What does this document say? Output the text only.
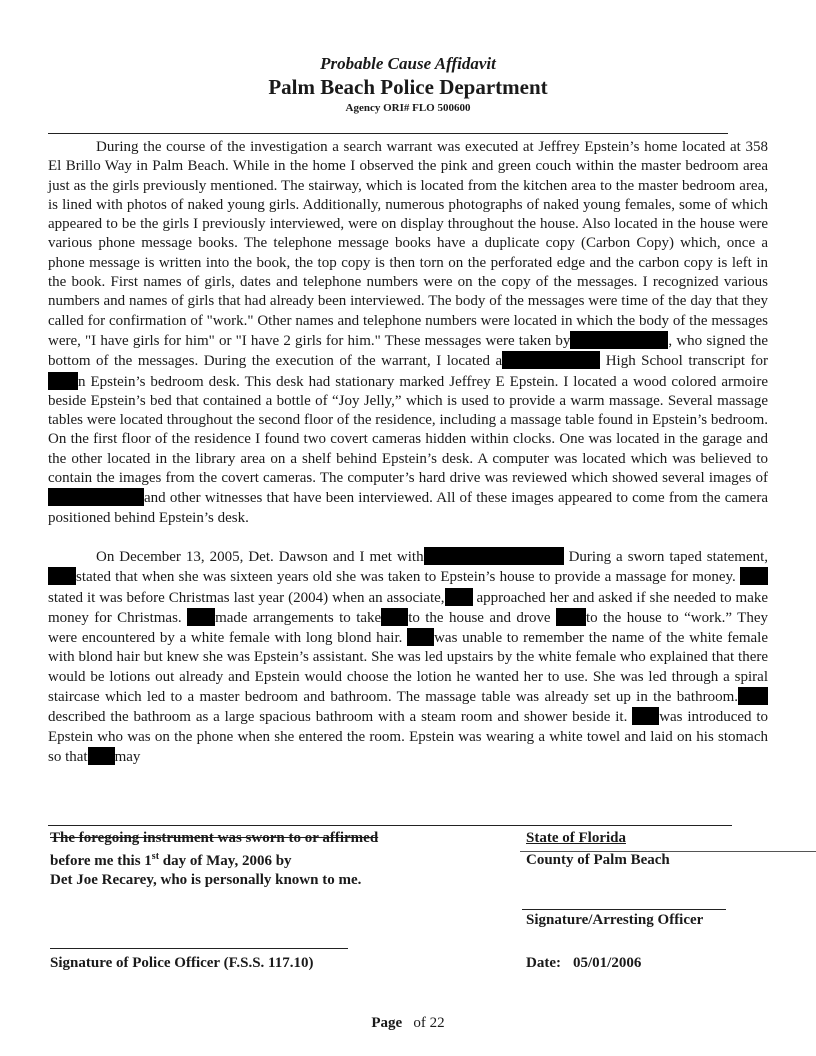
Probable Cause Affidavit
Palm Beach Police Department
Agency ORI# FLO 500600

During the course of the investigation a search warrant was executed at Jeffrey Epstein’s home located at 358 El Brillo Way in Palm Beach. While in the home I observed the pink and green couch within the master bedroom area just as the girls previously mentioned. The stairway, which is located from the kitchen area to the master bedroom area, is lined with photos of naked young girls. Additionally, numerous photographs of naked young females, some of which appeared to be the girls I previously interviewed, were on display throughout the house. Also located in the house were various phone message books. The telephone message books have a duplicate copy (Carbon Copy) which, once a phone message is written into the book, the top copy is then torn on the perforated edge and the carbon copy is left in the book. First names of girls, dates and telephone numbers were on the copy of the messages. I recognized various numbers and names of girls that had already been interviewed. The body of the messages were time of the day that they called for confirmation of "work." Other names and telephone numbers were located in which the body of the messages were, "I have girls for him" or "I have 2 girls for him." These messages were taken by	, who signed the bottom of the messages. During the execution of the warrant, I located a	High School transcript for n Epstein’s bedroom desk. This desk had stationary marked Jeffrey E Epstein. I located a wood colored armoire beside Epstein’s bed that contained a bottle of “Joy Jelly,” which is used to provide a warm massage. Several massage tables were located throughout the second floor of the residence, including a massage table found in Epstein’s bedroom. On the first floor of the residence I found two covert cameras hidden within clocks. One was located in the garage and the other located in the library area on a shelf behind Epstein’s desk. A computer was located which was believed to contain the images from the covert cameras. The computer’s hard drive was reviewed which showed several images ofand other witnesses that have been interviewed. All of these images appeared to come from the camera positioned behind Epstein’s desk.

On December 13, 2005, Det. Dawson and I met with	During a sworn taped statement,stated that when she was sixteen years old she was taken to Epstein’s house to provide a massage for money. stated it was before Christmas last year (2004) when an associate, approached her and asked if she needed to make money for Christmas. made arrangements to take to the house and drove to the house to “work.” They were encountered by a white female with long blond hair. was unable to remember the name of the white female with blond hair but knew she was Epstein’s assistant. She was led upstairs by the white female who explained that there would be lotions out already and Epstein would choose the lotion he wanted her to use. She was led through a spiral staircase which led to a master bedroom and bathroom. The massage table was already set up in the bathroom.described the bathroom as a large spacious bathroom with a steam room and shower beside it. was introduced to Epstein who was on the phone when she entered the room. Epstein was wearing a white towel and laid on his stomach so that may

The foregoing instrument was sworn to or affirmed
before me this 1st day of May, 2006 by
Det Joe Recarey, who is personally known to me.
State of Florida
County of Palm Beach
Signature/Arresting Officer
Signature of Police Officer (F.S.S. 117.10)	Date: 05/01/2006
Page of 22
